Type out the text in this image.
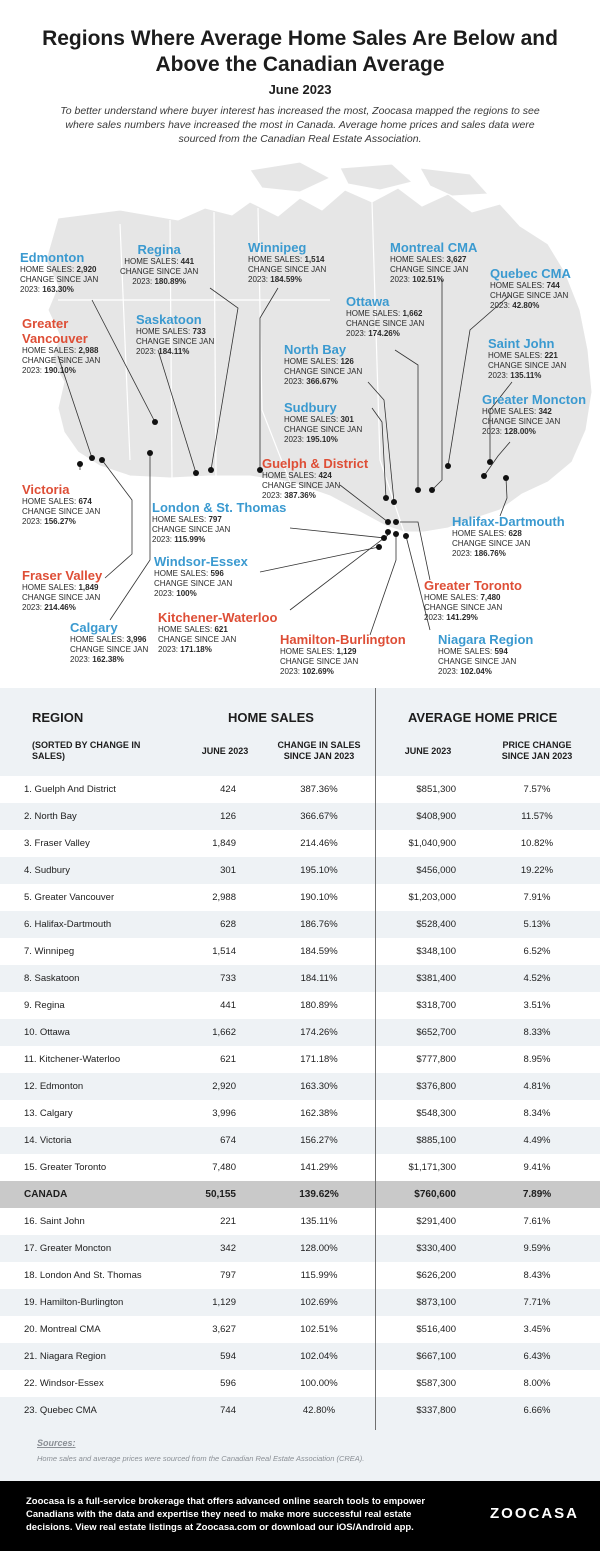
Regions Where Average Home Sales Are Below and Above the Canadian Average
June 2023
To better understand where buyer interest has increased the most, Zoocasa mapped the regions to see where sales numbers have increased the most in Canada. Average home prices and sales data were sourced from the Canadian Real Estate Association.
Edmonton
HOME SALES: 2,920
CHANGE SINCE JAN
2023: 163.30%
Regina
HOME SALES: 441
CHANGE SINCE JAN
2023: 180.89%
Winnipeg
HOME SALES: 1,514
CHANGE SINCE JAN
2023: 184.59%
Montreal CMA
HOME SALES: 3,627
CHANGE SINCE JAN
2023: 102.51%	Quebec CMA
HOME SALES: 744
CHANGE SINCE JAN
2023: 42.80%
Greater Vancouver
HOME SALES: 2,988
CHANGE SINCE JAN
2023: 190.10%
Saskatoon
HOME SALES: 733
CHANGE SINCE JAN
2023: 184.11%
Ottawa
HOME SALES: 1,662
CHANGE SINCE JAN
2023: 174.26%
North Bay
HOME SALES: 126
CHANGE SINCE JAN
2023: 366.67%
Saint John
HOME SALES: 221
CHANGE SINCE JAN
2023: 135.11%
Sudbury
HOME SALES: 301
CHANGE SINCE JAN
2023: 195.10%
Greater Moncton
HOME SALES: 342
CHANGE SINCE JAN
2023: 128.00%
Guelph & District
HOME SALES: 424
CHANGE SINCE JAN
2023: 387.36%
Victoria
HOME SALES: 674
CHANGE SINCE JAN
2023: 156.27%
London & St. Thomas
HOME SALES: 797
CHANGE SINCE JAN
2023: 115.99%
Halifax-Dartmouth
HOME SALES: 628
CHANGE SINCE JAN
2023: 186.76%
Windsor-Essex
HOME SALES: 596
CHANGE SINCE JAN
2023: 100%
Fraser Valley
HOME SALES: 1,849
CHANGE SINCE JAN
2023: 214.46%
Greater Toronto
HOME SALES: 7,480
CHANGE SINCE JAN
2023: 141.29%
Kitchener-Waterloo
HOME SALES: 621
CHANGE SINCE JAN
2023: 171.18%
Calgary
HOME SALES: 3,996
CHANGE SINCE JAN
2023: 162.38%
Hamilton-Burlington
HOME SALES: 1,129
CHANGE SINCE JAN
2023: 102.69%
Niagara Region
HOME SALES: 594
CHANGE SINCE JAN
2023: 102.04%
REGION
(SORTED BY CHANGE IN SALES)
HOME SALES	AVERAGE HOME PRICE
JUNE 2023
CHANGE IN SALES SINCE JAN 2023	JUNE 2023
PRICE CHANGE SINCE JAN 2023
1. Guelph And District	424	387.36%	$851,300	7.57%
2. North Bay	126	366.67%	$408,900	11.57%
3. Fraser Valley	1,849	214.46%	$1,040,900	10.82%
4. Sudbury	301	195.10%	$456,000	19.22%
5. Greater Vancouver	2,988	190.10%	$1,203,000	7.91%
6. Halifax-Dartmouth	628	186.76%	$528,400	5.13%
7. Winnipeg	1,514	184.59%	$348,100	6.52%
8. Saskatoon	733	184.11%	$381,400	4.52%
9. Regina	441	180.89%	$318,700	3.51%
10. Ottawa	1,662	174.26%	$652,700	8.33%
11. Kitchener-Waterloo	621	171.18%	$777,800	8.95%
12. Edmonton	2,920	163.30%	$376,800	4.81%
13. Calgary	3,996	162.38%	$548,300	8.34%
14. Victoria	674	156.27%	$885,100	4.49%
15. Greater Toronto	7,480	141.29%	$1,171,300	9.41%
CANADA	50,155	139.62%	$760,600	7.89%
16. Saint John	221	135.11%	$291,400	7.61%
17. Greater Moncton	342	128.00%	$330,400	9.59%
18. London And St. Thomas	797	115.99%	$626,200	8.43%
19. Hamilton-Burlington	1,129	102.69%	$873,100	7.71%
20. Montreal CMA	3,627	102.51%	$516,400	3.45%
21. Niagara Region	594	102.04%	$667,100	6.43%
22. Windsor-Essex	596	100.00%	$587,300	8.00%
23. Quebec CMA	744	42.80%	$337,800	6.66%
Sources:
Home sales and average prices were sourced from the Canadian Real Estate Association (CREA).
Zoocasa is a full-service brokerage that offers advanced online search tools to empower Canadians with the data and expertise they need to make more successful real estate decisions. View real estate listings at Zoocasa.com or download our iOS/Android app.
ZOOCASA
